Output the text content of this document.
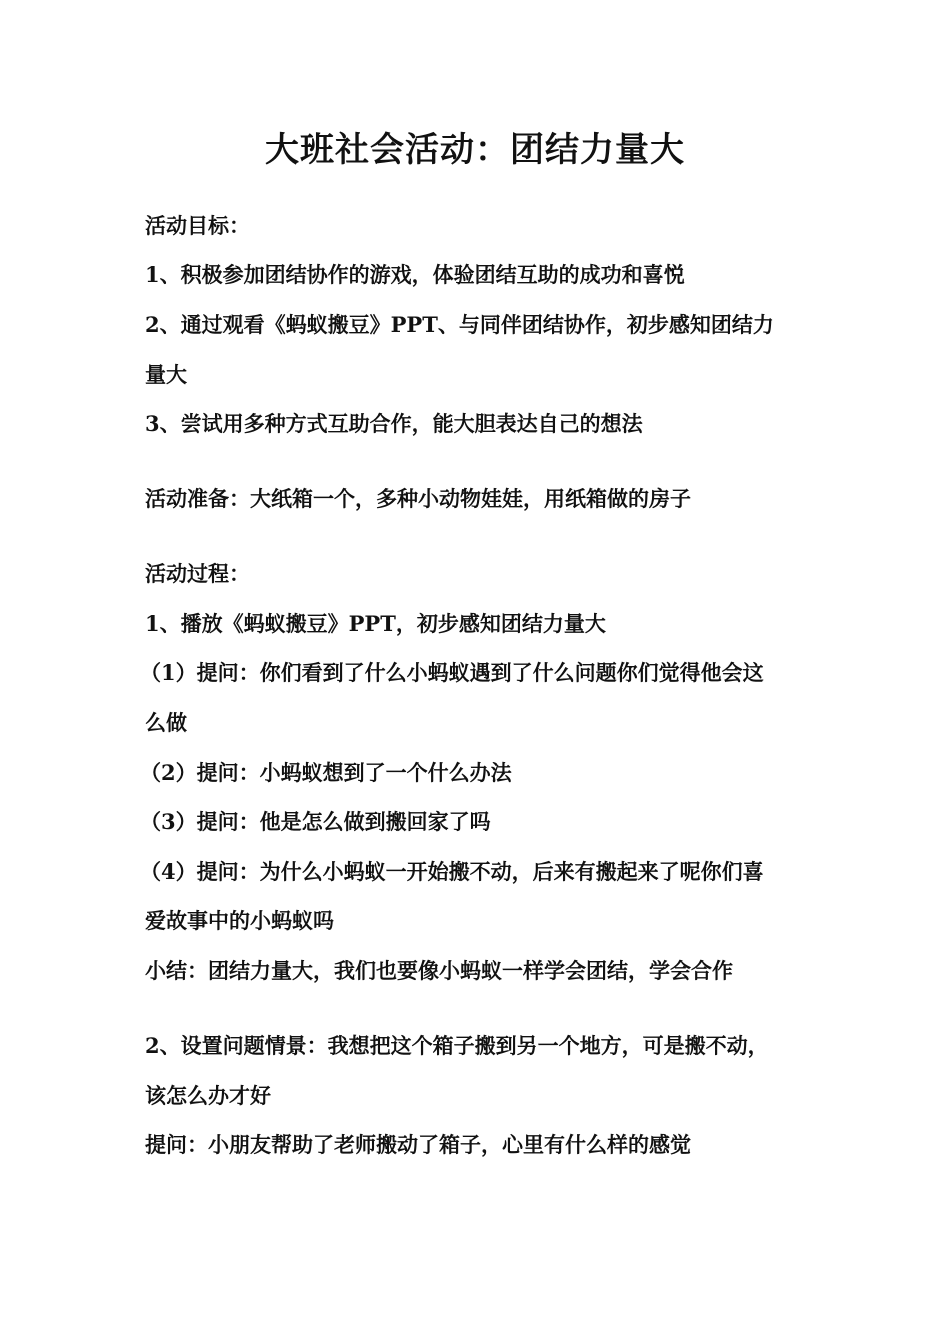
大班社会活动：团结力量大
活动目标：
1、积极参加团结协作的游戏，体验团结互助的成功和喜悦
2、通过观看《蚂蚁搬豆》PPT、与同伴团结协作，初步感知团结力
量大
3、尝试用多种方式互助合作，能大胆表达自己的想法
活动准备：大纸箱一个，多种小动物娃娃，用纸箱做的房子
活动过程：
1、播放《蚂蚁搬豆》PPT，初步感知团结力量大
（1）提问：你们看到了什么小蚂蚁遇到了什么问题你们觉得他会这
么做
（2）提问：小蚂蚁想到了一个什么办法
（3）提问：他是怎么做到搬回家了吗
（4）提问：为什么小蚂蚁一开始搬不动，后来有搬起来了呢你们喜
爱故事中的小蚂蚁吗
小结：团结力量大，我们也要像小蚂蚁一样学会团结，学会合作
2、设置问题情景：我想把这个箱子搬到另一个地方，可是搬不动，
该怎么办才好
提问：小朋友帮助了老师搬动了箱子，心里有什么样的感觉
